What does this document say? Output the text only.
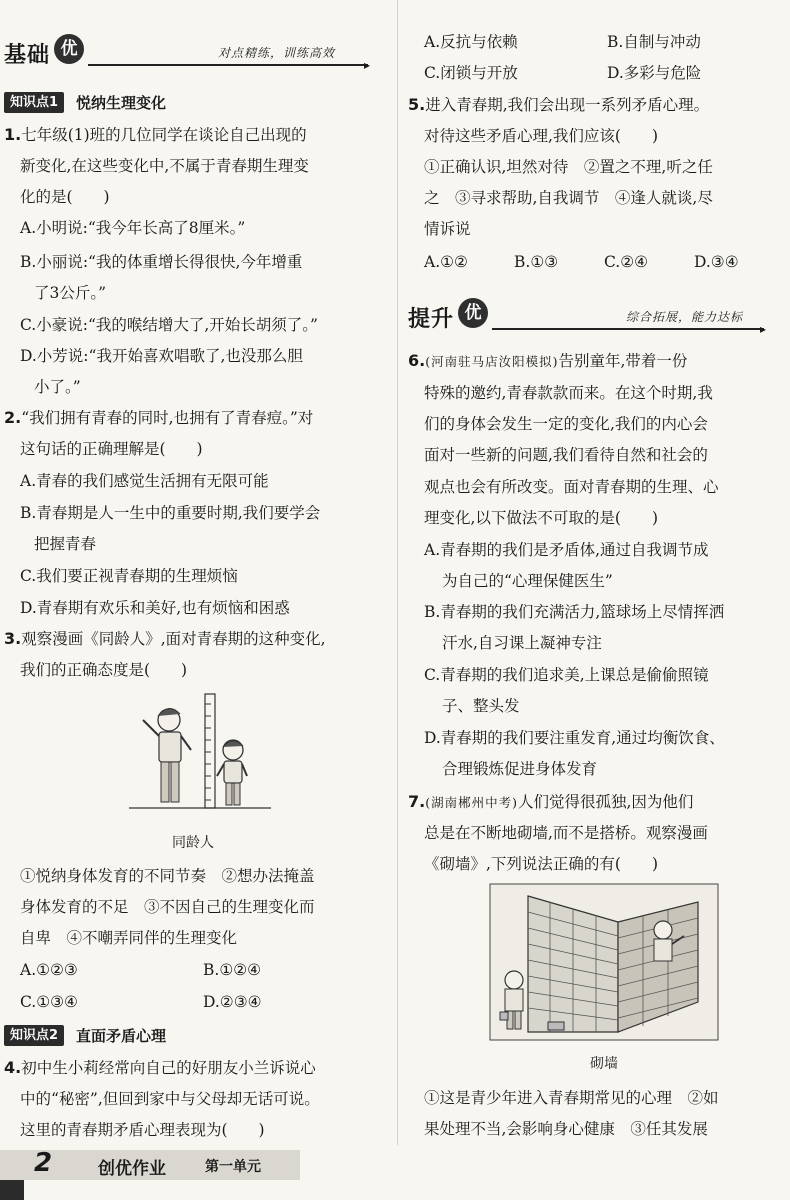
基础 优	对点精练，训练高效
▸
知识点1	悦纳生理变化
1.七年级(1)班的几位同学在谈论自己出现的
新变化,在这些变化中,不属于青春期生理变
化的是(　　)
A.小明说:“我今年长高了8厘米。”
B.小丽说:“我的体重增长得很快,今年增重
了3公斤。”
C.小豪说:“我的喉结增大了,开始长胡须了。”
D.小芳说:“我开始喜欢唱歌了,也没那么胆
小了。”
2.“我们拥有青春的同时,也拥有了青春痘。”对
这句话的正确理解是(　　)
A.青春的我们感觉生活拥有无限可能
B.青春期是人一生中的重要时期,我们要学会
把握青春
C.我们要正视青春期的生理烦恼
D.青春期有欢乐和美好,也有烦恼和困惑
3.观察漫画《同龄人》,面对青春期的这种变化,
我们的正确态度是(　　)
同龄人
①悦纳身体发育的不同节奏　②想办法掩盖
身体发育的不足　③不因自己的生理变化而
自卑　④不嘲弄同伴的生理变化
A.①②③	B.①②④
C.①③④	D.②③④
知识点2	直面矛盾心理
4.初中生小莉经常向自己的好朋友小兰诉说心
中的“秘密”,但回到家中与父母却无话可说。
这里的青春期矛盾心理表现为(　　)
A.反抗与依赖	B.自制与冲动
C.闭锁与开放	D.多彩与危险
5.进入青春期,我们会出现一系列矛盾心理。
对待这些矛盾心理,我们应该(　　)
①正确认识,坦然对待　②置之不理,听之任
之　③寻求帮助,自我调节　④逢人就谈,尽
情诉说
A.①②	B.①③	C.②④	D.③④
提升 优	综合拓展，能力达标
▸
6.(河南驻马店汝阳模拟)告别童年,带着一份
特殊的邀约,青春款款而来。在这个时期,我
们的身体会发生一定的变化,我们的内心会
面对一些新的问题,我们看待自然和社会的
观点也会有所改变。面对青春期的生理、心
理变化,以下做法不可取的是(　　)
A.青春期的我们是矛盾体,通过自我调节成
为自己的“心理保健医生”
B.青春期的我们充满活力,篮球场上尽情挥洒
汗水,自习课上凝神专注
C.青春期的我们追求美,上课总是偷偷照镜
子、整头发
D.青春期的我们要注重发育,通过均衡饮食、
合理锻炼促进身体发育
7.(湖南郴州中考)人们觉得很孤独,因为他们
总是在不断地砌墙,而不是搭桥。观察漫画
《砌墙》,下列说法正确的有(　　)
砌墙
①这是青少年进入青春期常见的心理　②如
果处理不当,会影响身心健康　③任其发展
2	创优作业	第一单元
